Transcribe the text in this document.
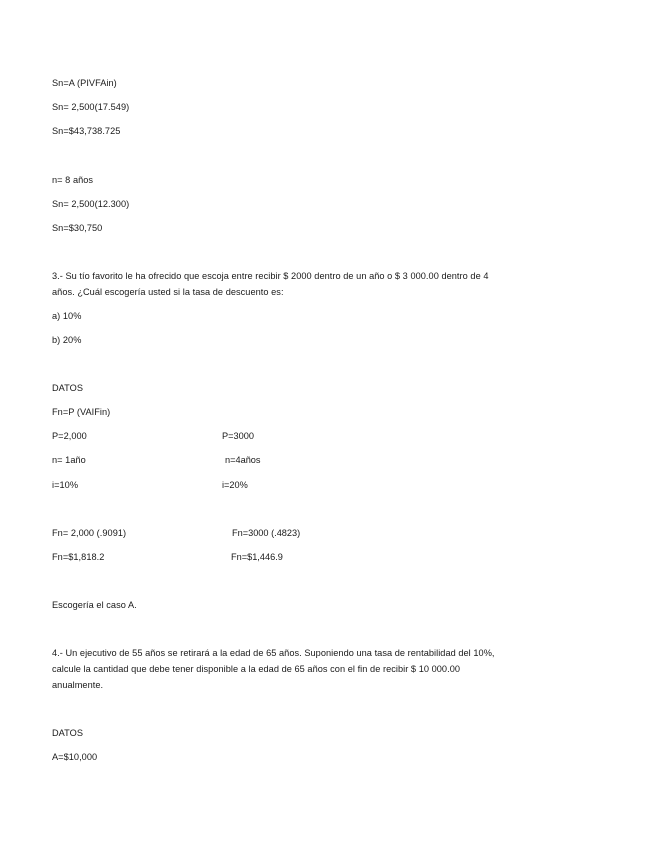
Sn=A (PIVFAin)
Sn= 2,500(17.549)
Sn=$43,738.725
n= 8 años
Sn= 2,500(12.300)
Sn=$30,750
3.- Su tío favorito le ha ofrecido que escoja entre recibir $ 2000 dentro de un año o $ 3 000.00 dentro de 4
años. ¿Cuál escogería usted si la tasa de descuento es:
a) 10%
b) 20%
DATOS
Fn=P (VAIFin)
P=2,000	P=3000
n= 1año	n=4años
i=10%	i=20%
Fn= 2,000 (.9091)	Fn=3000 (.4823)
Fn=$1,818.2	Fn=$1,446.9
Escogería el caso A.
4.- Un ejecutivo de 55 años se retirará a la edad de 65 años. Suponiendo una tasa de rentabilidad del 10%,
calcule la cantidad que debe tener disponible a la edad de 65 años con el fin de recibir $ 10 000.00
anualmente.
DATOS
A=$10,000
